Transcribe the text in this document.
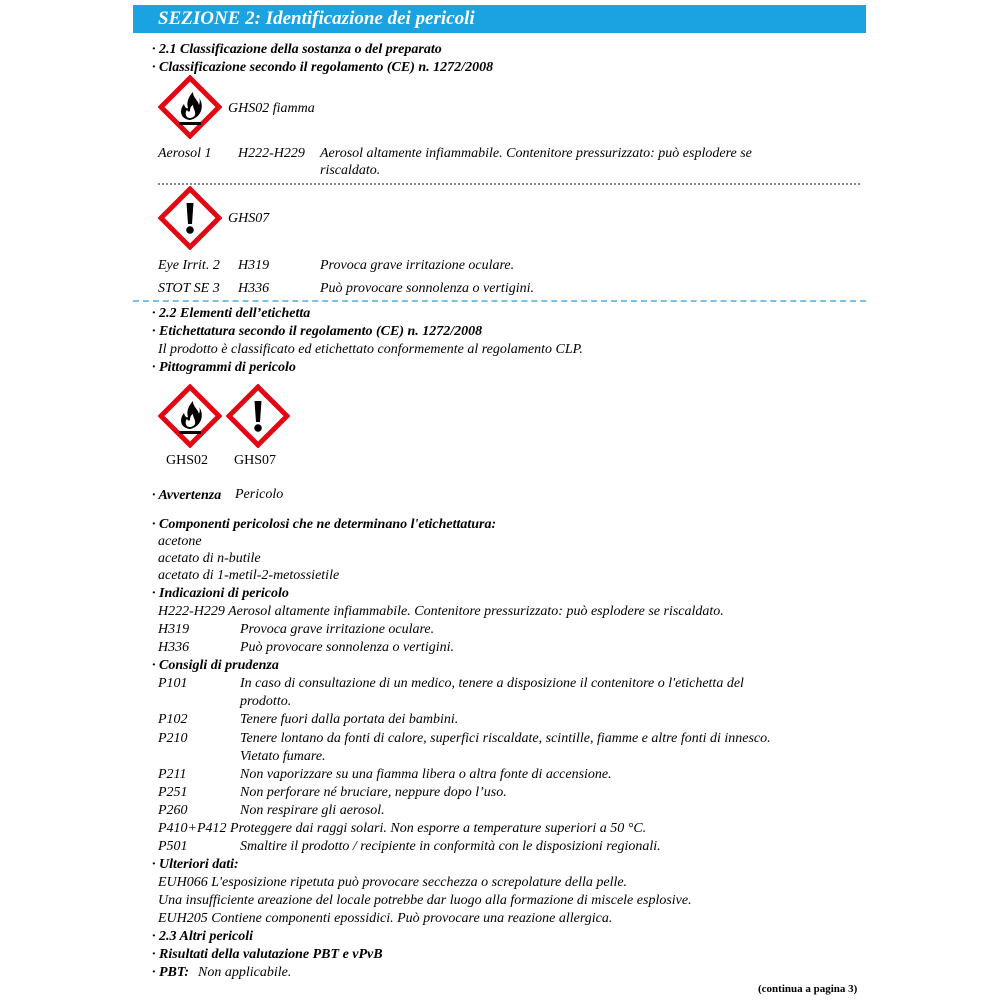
SEZIONE 2: Identificazione dei pericoli
· 2.1 Classificazione della sostanza o del preparato
· Classificazione secondo il regolamento (CE) n. 1272/2008
GHS02 fiamma
Aerosol 1 H222-H229 Aerosol altamente infiammabile. Contenitore pressurizzato: può esplodere se
riscaldato.
GHS07
Eye Irrit. 2 H319	Provoca grave irritazione oculare.
STOT SE 3 H336	Può provocare sonnolenza o vertigini.
· 2.2 Elementi dell’etichetta
· Etichettatura secondo il regolamento (CE) n. 1272/2008
Il prodotto è classificato ed etichettato conformemente al regolamento CLP.
· Pittogrammi di pericolo
GHS02 GHS07
· Avvertenza Pericolo
· Componenti pericolosi che ne determinano l'etichettatura:
acetone
acetato di n-butile
acetato di 1-metil-2-metossietile
· Indicazioni di pericolo
H222-H229 Aerosol altamente infiammabile. Contenitore pressurizzato: può esplodere se riscaldato.
H319	Provoca grave irritazione oculare.
H336	Può provocare sonnolenza o vertigini.
· Consigli di prudenza
P101	In caso di consultazione di un medico, tenere a disposizione il contenitore o l'etichetta del
prodotto.
P102	Tenere fuori dalla portata dei bambini.
P210	Tenere lontano da fonti di calore, superfici riscaldate, scintille, fiamme e altre fonti di innesco.
Vietato fumare.
P211	Non vaporizzare su una fiamma libera o altra fonte di accensione.
P251	Non perforare né bruciare, neppure dopo l’uso.
P260	Non respirare gli aerosol.
P410+P412 Proteggere dai raggi solari. Non esporre a temperature superiori a 50 °C.
P501	Smaltire il prodotto / recipiente in conformità con le disposizioni regionali.
· Ulteriori dati:
EUH066 L'esposizione ripetuta può provocare secchezza o screpolature della pelle.
Una insufficiente areazione del locale potrebbe dar luogo alla formazione di miscele esplosive.
EUH205 Contiene componenti epossidici. Può provocare una reazione allergica.
· 2.3 Altri pericoli
· Risultati della valutazione PBT e vPvB
· PBT: Non applicabile.
(continua a pagina 3)
